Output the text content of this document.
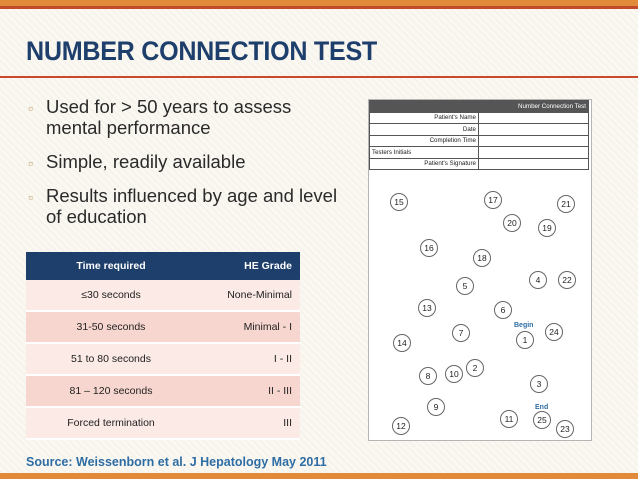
NUMBER CONNECTION TEST
▫ Used for > 50 years to assess mental performance
▫ Simple, readily available
▫ Results influenced by age and level of education
Time required	HE Grade
≤30 seconds	None-Minimal
31-50 seconds	Minimal - I
51 to 80 seconds	I - II
81 – 120 seconds	II - III
Forced termination	III
Source: Weissenborn et al. J Hepatology May 2011
Number Connection Test	
Patient's Name	
Date	
Completion Time	
Testers Initials	
Patient's Signature	
Begin
End
1
2
3
4
5
6
7
8
9
10
11
12
13
14
15
16
17
18
19
20
21
22
23
24
25
